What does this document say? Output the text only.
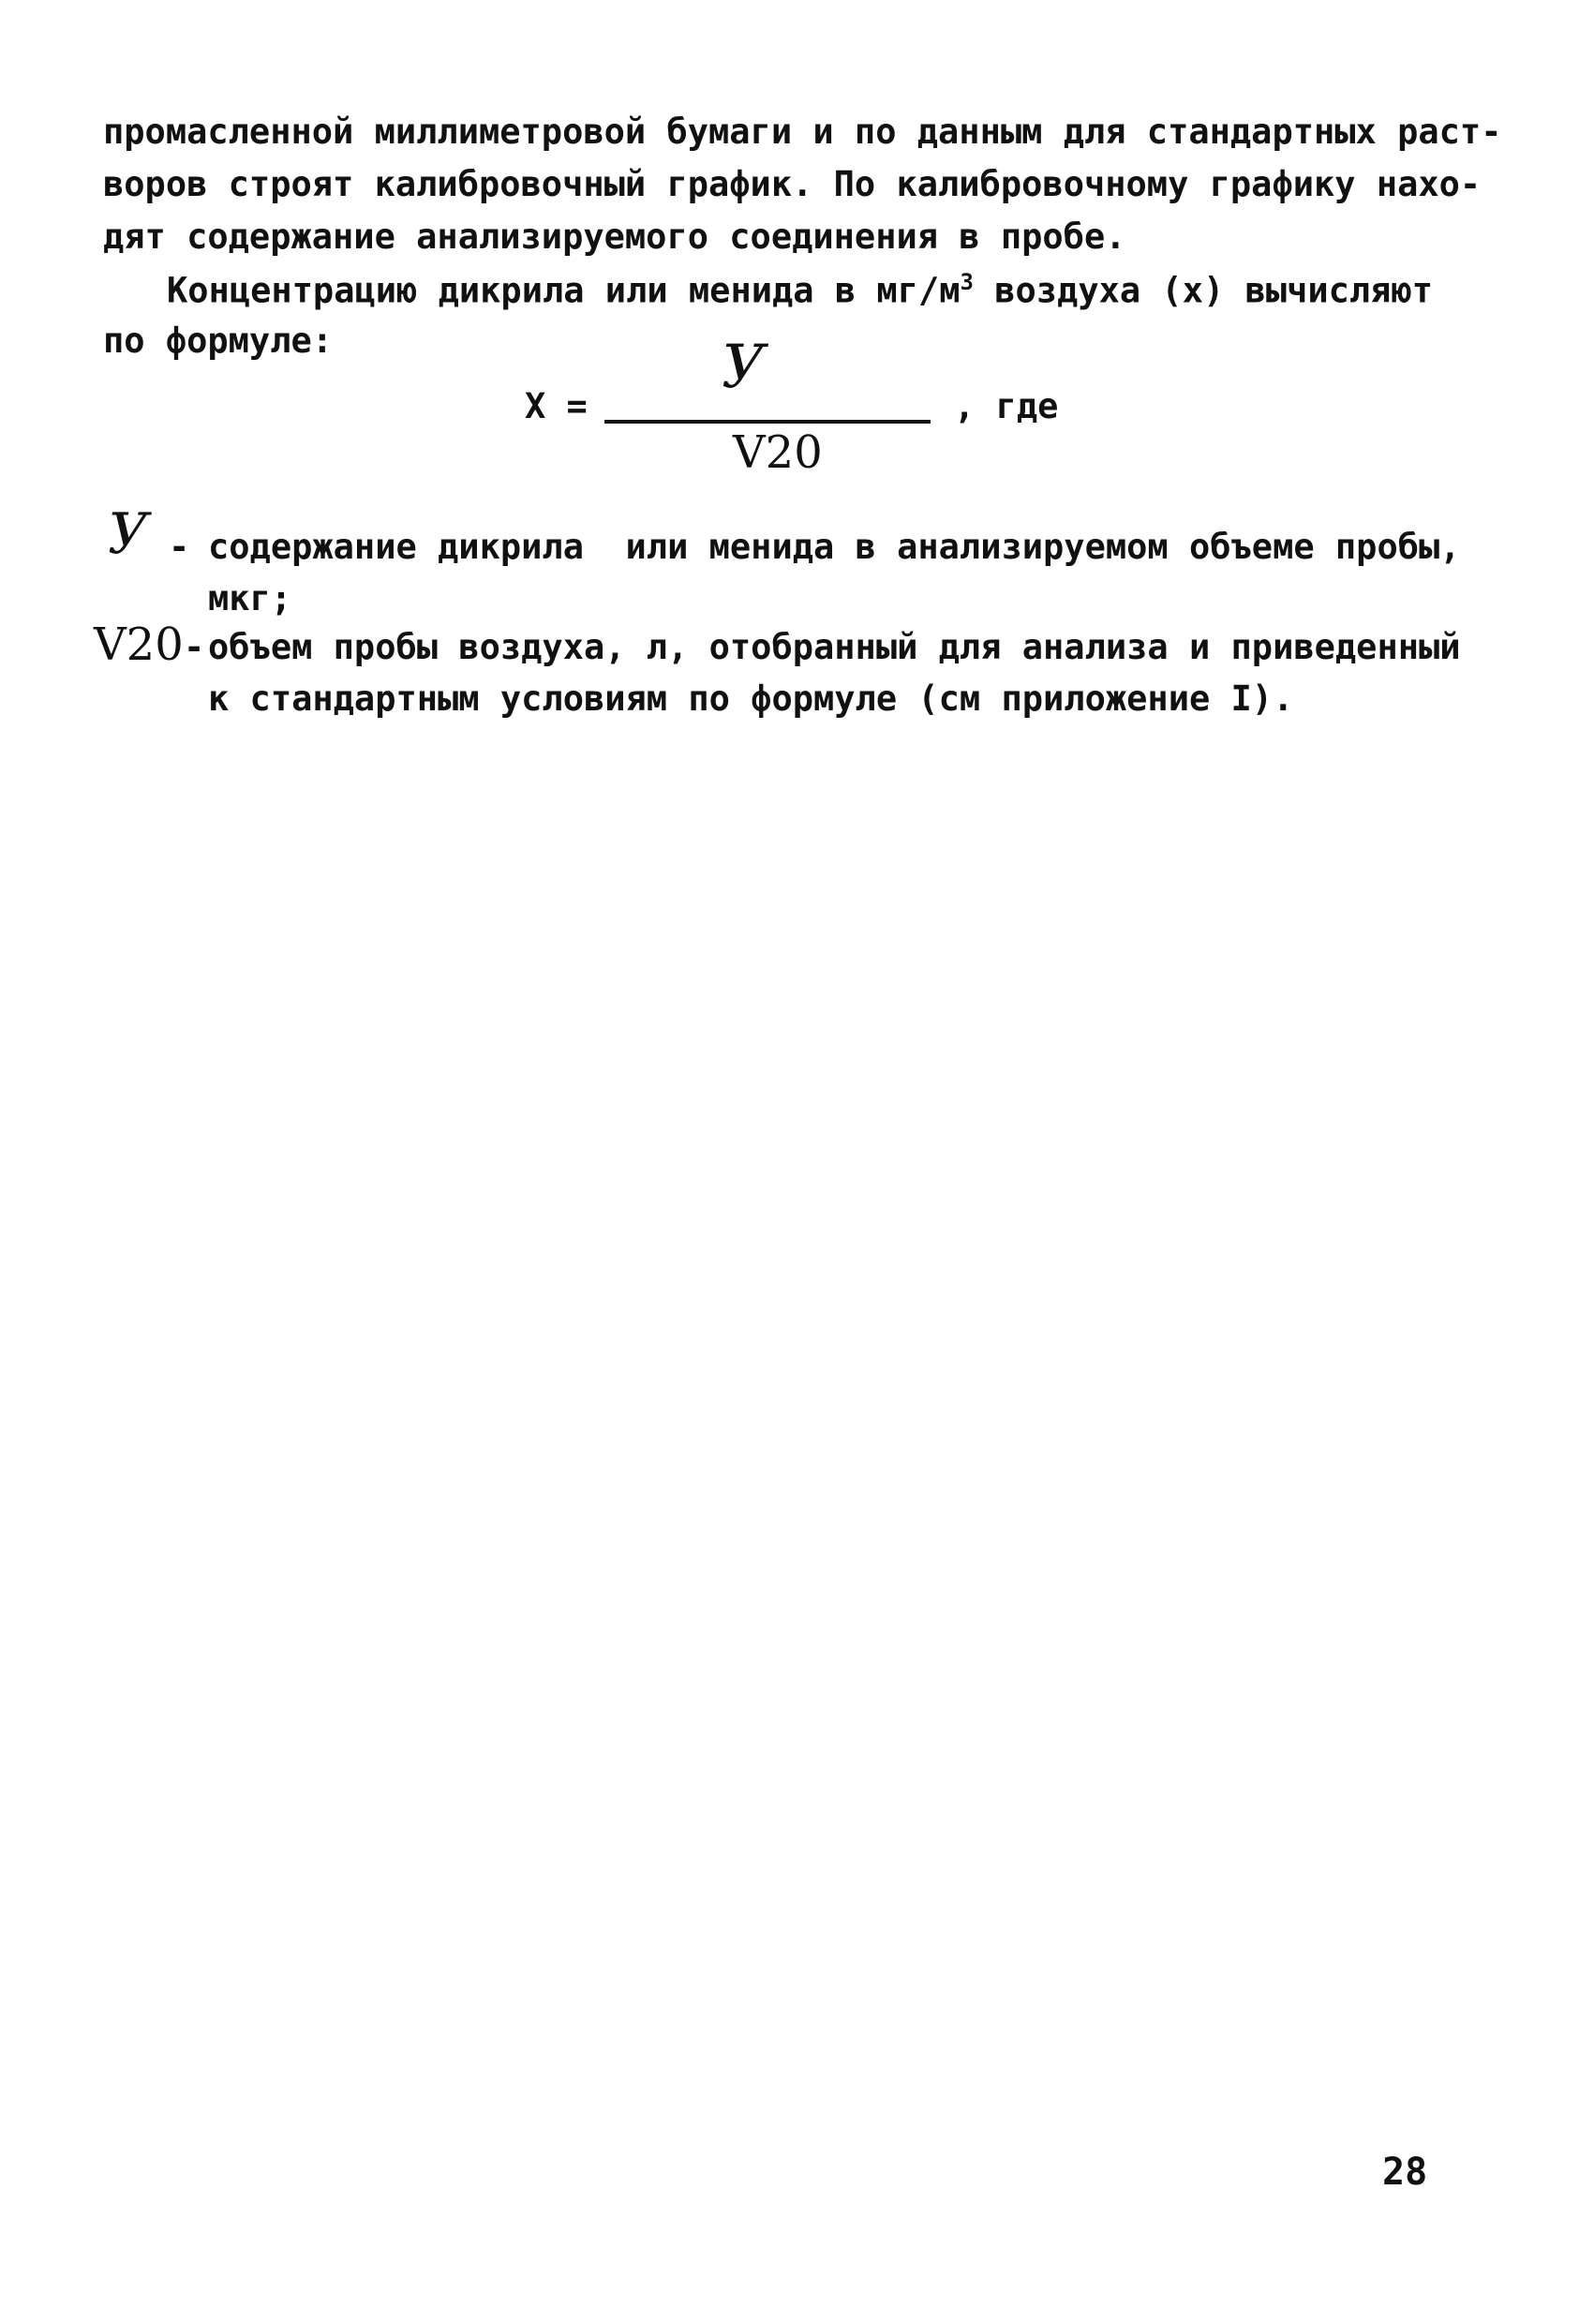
промасленной миллиметровой бумаги и по данным для стандартных раст-
воров строят калибровочный график. По калибровочному графику нахо-
дят содержание анализируемого соединения в пробе.
Концентрацию дикрила или менида в $мг/м^3$ воздуха (х) вычисляют
по формуле:
X =
У
V20
, где
У - содержание дикрила  или менида в анализируемом объеме пробы,
мкг;
V20 - объем пробы воздуха, л, отобранный для анализа и приведенный
к стандартным условиям по формуле (см приложение I).
28
